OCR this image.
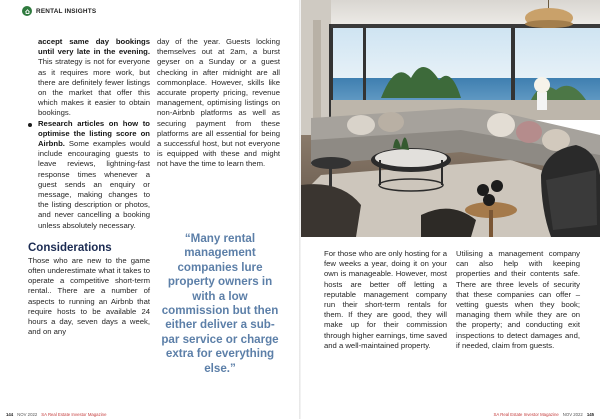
RENTAL INSIGHTS
accept same day bookings until very late in the evening. This strategy is not for everyone as it requires more work, but there are definitely fewer listings on the market that offer this which makes it easier to obtain bookings.
Research articles on how to optimise the listing score on Airbnb. Some examples would include encouraging guests to leave reviews, lightning-fast response times whenever a guest sends an enquiry or message, making changes to the listing description or photos, and never cancelling a booking unless absolutely necessary.
Considerations

Those who are new to the game often underestimate what it takes to operate a competitive short-term rental.. There are a number of aspects to running an Airbnb that require hosts to be available 24 hours a day, seven days a week, and on any

day of the year. Guests locking themselves out at 2am, a burst geyser on a Sunday or a guest checking in after midnight are all commonplace. However, skills like accurate property pricing, revenue management, optimising listings on non-Airbnb platforms as well as securing payment from these platforms are all essential for being a successful host, but not everyone is equipped with these and might not have the time to learn them.

“Many rental management companies lure property owners in with a low commission but then either deliver a sub-par service or charge extra for everything else.”

For those who are only hosting for a few weeks a year, doing it on your own is manageable. However, most hosts are better off letting a reputable management company run their short-term rentals for them. If they are good, they will make up for their commission through higher earnings, time saved and a well-maintained property.

Utilising a management company can also help with keeping properties and their contents safe. There are three levels of security that these companies can offer – vetting guests when they book; managing them while they are on the property; and conducting exit inspections to detect damages and, if needed, claim from guests.

144 NOV 2022 SA Real Estate Investor Magazine	SA Real Estate Investor Magazine NOV 2022 145
